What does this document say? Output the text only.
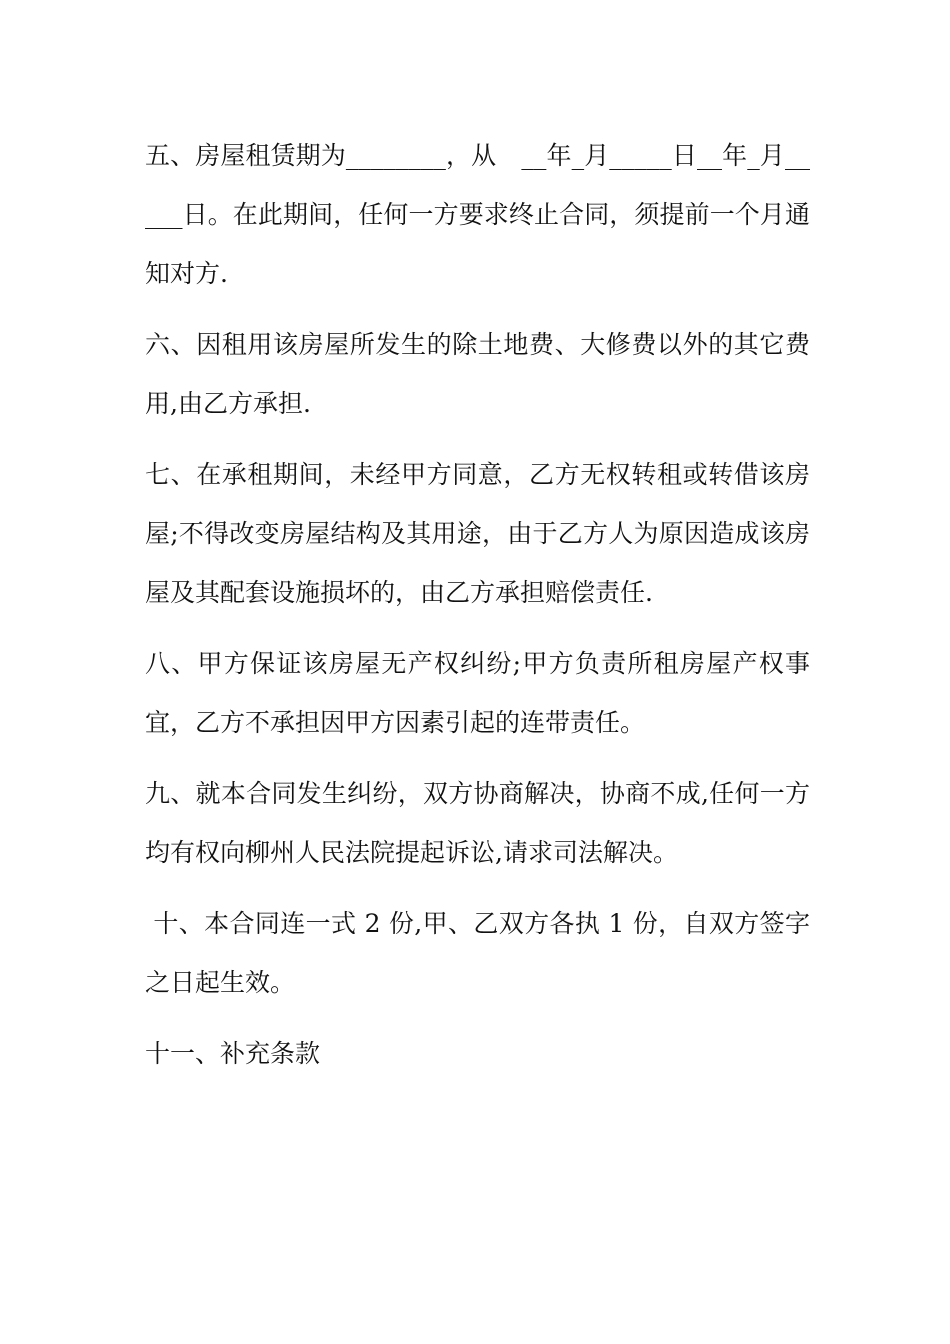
五、房屋租赁期为________，从　__年_月_____日__年_月_____日。在此期间，任何一方要求终止合同，须提前一个月通知对方.

六、因租用该房屋所发生的除土地费、大修费以外的其它费用,由乙方承担.

七、在承租期间，未经甲方同意，乙方无权转租或转借该房屋;不得改变房屋结构及其用途，由于乙方人为原因造成该房屋及其配套设施损坏的，由乙方承担赔偿责任.

八、甲方保证该房屋无产权纠纷;甲方负责所租房屋产权事宜，乙方不承担因甲方因素引起的连带责任。

九、就本合同发生纠纷，双方协商解决，协商不成,任何一方均有权向柳州人民法院提起诉讼,请求司法解决。

十、本合同连一式 2 份,甲、乙双方各执 1 份，自双方签字之日起生效。

十一、补充条款
